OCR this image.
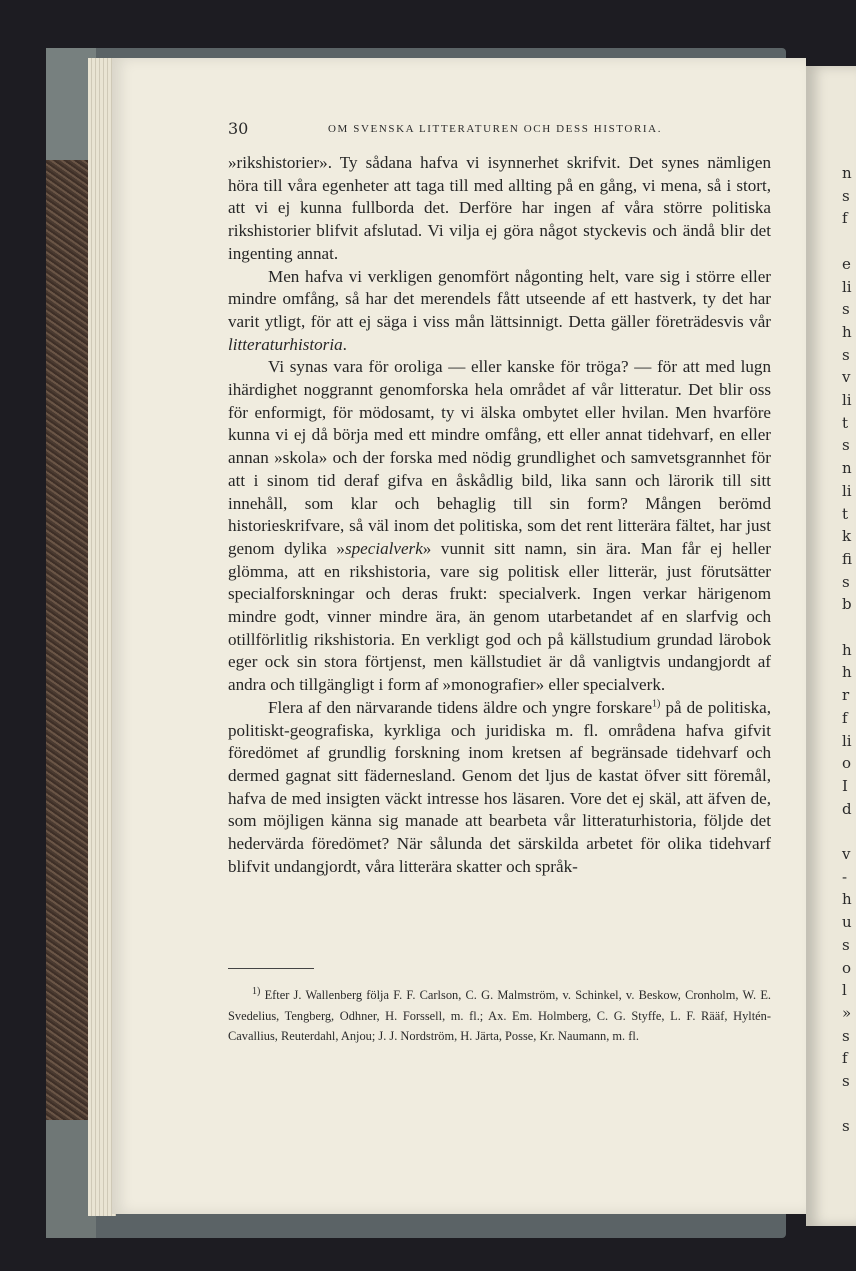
n
s
f
e
li
s
h
s
v
li
t
s
n
li
t
k
fi
s
b
h
h
r
f
li
o
I
d
v
-
h
u
s
o
l
»
s
f
s
s
30	OM SVENSKA LITTERATUREN OCH DESS HISTORIA.

»rikshistorier». Ty sådana hafva vi isynnerhet skrifvit. Det synes nämligen höra till våra egenheter att taga till med allting på en gång, vi mena, så i stort, att vi ej kunna fullborda det. Derföre har ingen af våra större politiska rikshistorier blifvit afslutad. Vi vilja ej göra något styckevis och ändå blir det ingenting annat.

Men hafva vi verkligen genomfört någonting helt, vare sig i större eller mindre omfång, så har det merendels fått utseende af ett hastverk, ty det har varit ytligt, för att ej säga i viss mån lättsinnigt. Detta gäller företrädesvis vår litteraturhistoria.

Vi synas vara för oroliga — eller kanske för tröga? — för att med lugn ihärdighet noggrannt genomforska hela området af vår litteratur. Det blir oss för enformigt, för mödosamt, ty vi älska ombytet eller hvilan. Men hvarföre kunna vi ej då börja med ett mindre omfång, ett eller annat tidehvarf, en eller annan »skola» och der forska med nödig grundlighet och samvetsgrannhet för att i sinom tid deraf gifva en åskådlig bild, lika sann och lärorik till sitt innehåll, som klar och behaglig till sin form? Mången berömd historieskrifvare, så väl inom det politiska, som det rent litterära fältet, har just genom dylika »specialverk» vunnit sitt namn, sin ära. Man får ej heller glömma, att en rikshistoria, vare sig politisk eller litterär, just förutsätter specialforskningar och deras frukt: specialverk. Ingen verkar härigenom mindre godt, vinner mindre ära, än genom utarbetandet af en slarfvig och otillförlitlig rikshistoria. En verkligt god och på källstudium grundad lärobok eger ock sin stora förtjenst, men källstudiet är då vanligtvis undangjordt af andra och tillgängligt i form af »monografier» eller specialverk.

Flera af den närvarande tidens äldre och yngre forskare$^{1)}$ på de politiska, politiskt-geografiska, kyrkliga och juridiska m. fl. områdena hafva gifvit föredömet af grundlig forskning inom kretsen af begränsade tidehvarf och dermed gagnat sitt fädernesland. Genom det ljus de kastat öfver sitt föremål, hafva de med insigten väckt intresse hos läsaren. Vore det ej skäl, att äfven de, som möjligen känna sig manade att bearbeta vår litteraturhistoria, följde det hedervärda föredömet? När sålunda det särskilda arbetet för olika tidehvarf blifvit undangjordt, våra litterära skatter och språk-

$^{1)}$ Efter J. Wallenberg följa F. F. Carlson, C. G. Malmström, v. Schinkel, v. Beskow, Cronholm, W. E. Svedelius, Tengberg, Odhner, H. Forssell, m. fl.; Ax. Em. Holmberg, C. G. Styffe, L. F. Rääf, Hyltén-Cavallius, Reuterdahl, Anjou; J. J. Nordström, H. Järta, Posse, Kr. Naumann, m. fl.
